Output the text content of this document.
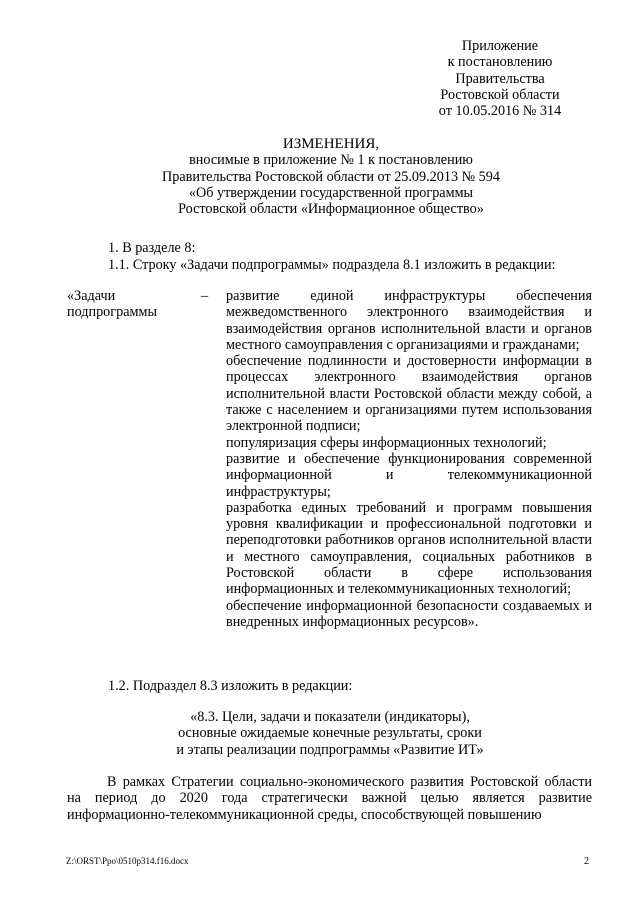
Приложение
к постановлению
Правительства
Ростовской области
от 10.05.2016 № 314
ИЗМЕНЕНИЯ,
вносимые в приложение № 1 к постановлению
Правительства Ростовской области от 25.09.2013 № 594
«Об утверждении государственной программы
Ростовской области «Информационное общество»
1. В разделе 8:
1.1. Строку «Задачи подпрограммы» подраздела 8.1 изложить в редакции:
«Задачи
подпрограммы
– развитие единой инфраструктуры обеспечения межведомственного электронного взаимодействия и взаимодействия органов исполнительной власти и органов местного самоуправления с организациями и гражданами;
обеспечение подлинности и достоверности информации в процессах электронного взаимодействия органов исполнительной власти Ростовской области между собой, а также с населением и организациями путем использования электронной подписи;
популяризация сферы информационных технологий;
развитие и обеспечение функционирования современной информационной и телекоммуникационной инфраструктуры;
разработка единых требований и программ повышения уровня квалификации и профессиональной подготовки и переподготовки работников органов исполнительной власти и местного самоуправления, социальных работников в Ростовской области в сфере использования информационных и телекоммуникационных технологий;
обеспечение информационной безопасности создаваемых и внедренных информационных ресурсов».
1.2. Подраздел 8.3 изложить в редакции:
«8.3. Цели, задачи и показатели (индикаторы),
основные ожидаемые конечные результаты, сроки
и этапы реализации подпрограммы «Развитие ИТ»
В рамках Стратегии социально-экономического развития Ростовской области на период до 2020 года стратегически важной целью является развитие информационно-телекоммуникационной среды, способствующей повышению
Z:\ORST\Ppo\0510p314.f16.docx	2
